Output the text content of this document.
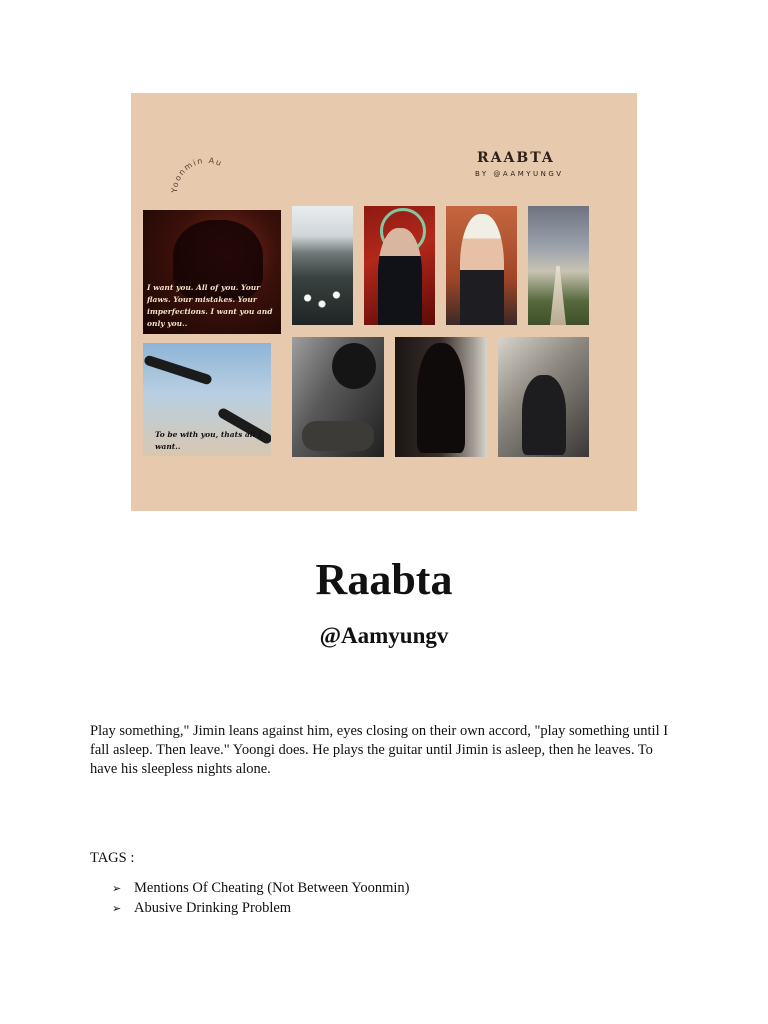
Yoonmin Au	RAABTA
BY @AAMYUNGV
I want you. All of you. Your flaws. Your mistakes. Your imperfections. I want you and only you..
To be with you, thats all I want..
Raabta
@Aamyungv
Play something," Jimin leans against him, eyes closing on their own accord, "play something until I fall asleep. Then leave." Yoongi does. He plays the guitar until Jimin is asleep, then he leaves. To have his sleepless nights alone.
TAGS :
➢ Mentions Of Cheating (Not Between Yoonmin)
➢ Abusive Drinking Problem
